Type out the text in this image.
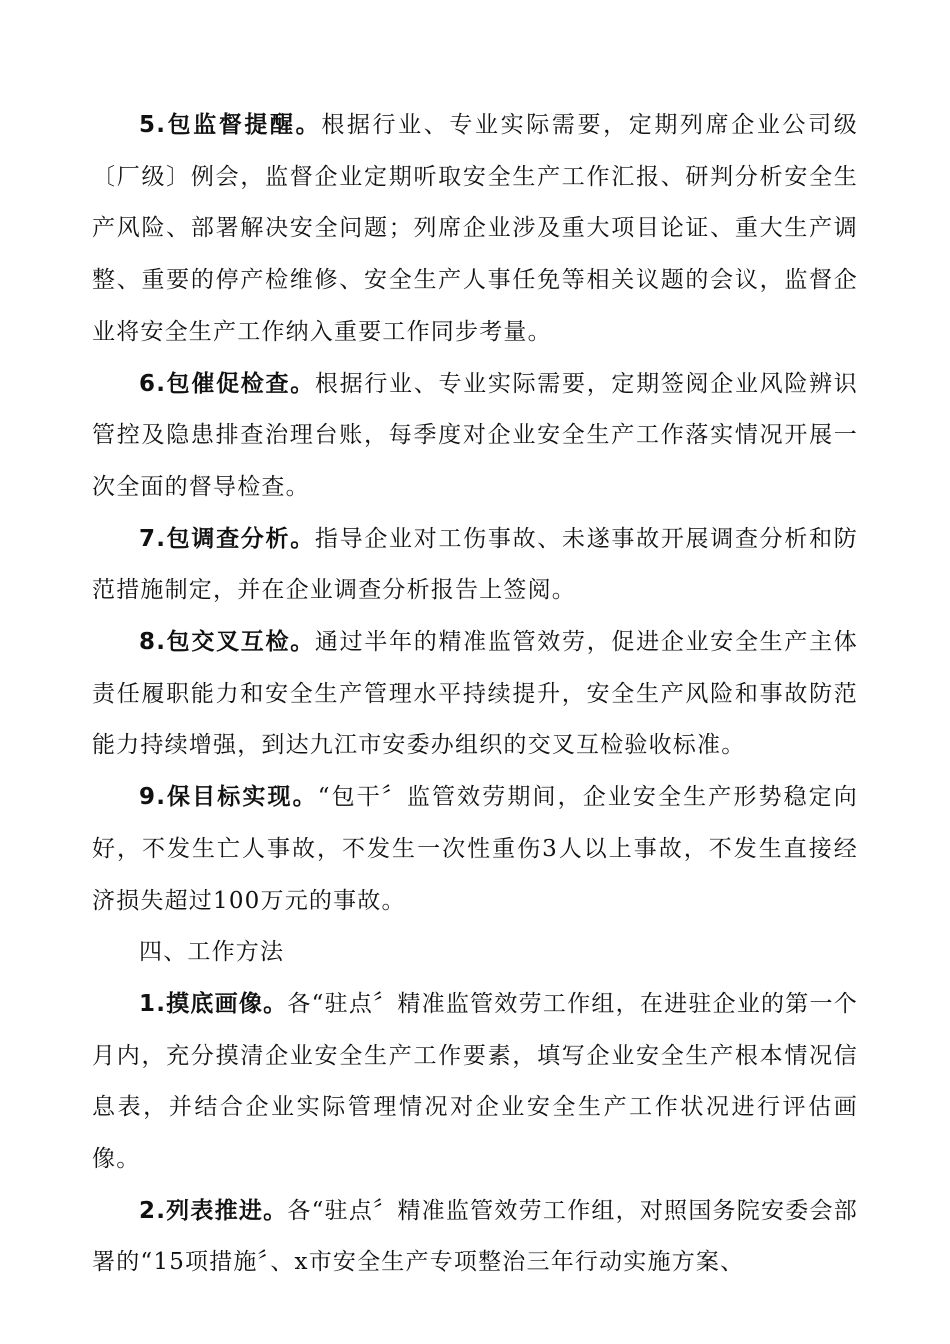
5.包监督提醒。根据行业、专业实际需要，定期列席企业公司级〔厂级〕例会，监督企业定期听取安全生产工作汇报、研判分析安全生产风险、部署解决安全问题；列席企业涉及重大项目论证、重大生产调整、重要的停产检维修、安全生产人事任免等相关议题的会议，监督企业将安全生产工作纳入重要工作同步考量。

6.包催促检查。根据行业、专业实际需要，定期签阅企业风险辨识管控及隐患排查治理台账，每季度对企业安全生产工作落实情况开展一次全面的督导检查。

7.包调查分析。指导企业对工伤事故、未遂事故开展调查分析和防范措施制定，并在企业调查分析报告上签阅。

8.包交叉互检。通过半年的精准监管效劳，促进企业安全生产主体责任履职能力和安全生产管理水平持续提升，安全生产风险和事故防范能力持续增强，到达九江市安委办组织的交叉互检验收标准。

9.保目标实现。“包干〞监管效劳期间，企业安全生产形势稳定向好，不发生亡人事故，不发生一次性重伤3人以上事故，不发生直接经济损失超过100万元的事故。

四、工作方法

1.摸底画像。各“驻点〞精准监管效劳工作组，在进驻企业的第一个月内，充分摸清企业安全生产工作要素，填写企业安全生产根本情况信息表，并结合企业实际管理情况对企业安全生产工作状况进行评估画像。

2.列表推进。各“驻点〞精准监管效劳工作组，对照国务院安委会部署的“15项措施〞、x市安全生产专项整治三年行动实施方案、
